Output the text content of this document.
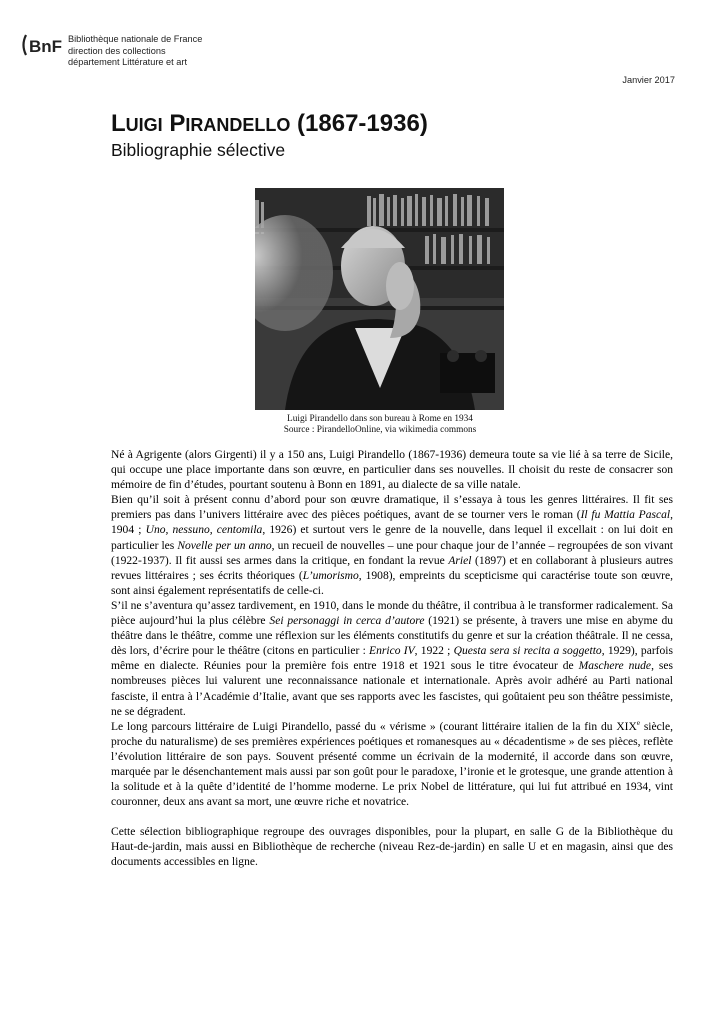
BnF Bibliothèque nationale de France
direction des collections
département Littérature et art
Janvier 2017
LUIGI PIRANDELLO (1867-1936)
Bibliographie sélective
Luigi Pirandello dans son bureau à Rome en 1934
Source : PirandelloOnline, via wikimedia commons

Né à Agrigente (alors Girgenti) il y a 150 ans, Luigi Pirandello (1867-1936) demeura toute sa vie lié à sa terre de Sicile, qui occupe une place importante dans son œuvre, en particulier dans ses nouvelles. Il choisit du reste de consacrer son mémoire de fin d’études, pourtant soutenu à Bonn en 1891, au dialecte de sa ville natale.

Bien qu’il soit à présent connu d’abord pour son œuvre dramatique, il s’essaya à tous les genres littéraires. Il fit ses premiers pas dans l’univers littéraire avec des pièces poétiques, avant de se tourner vers le roman (Il fu Mattia Pascal, 1904 ; Uno, nessuno, centomila, 1926) et surtout vers le genre de la nouvelle, dans lequel il excellait : on lui doit en particulier les Novelle per un anno, un recueil de nouvelles – une pour chaque jour de l’année – regroupées de son vivant (1922-1937). Il fit aussi ses armes dans la critique, en fondant la revue Ariel (1897) et en collaborant à plusieurs autres revues littéraires ; ses écrits théoriques (L’umorismo, 1908), empreints du scepticisme qui caractérise toute son œuvre, sont ainsi également représentatifs de celle-ci.

S’il ne s’aventura qu’assez tardivement, en 1910, dans le monde du théâtre, il contribua à le transformer radicalement. Sa pièce aujourd’hui la plus célèbre Sei personaggi in cerca d’autore (1921) se présente, à travers une mise en abyme du théâtre dans le théâtre, comme une réflexion sur les éléments constitutifs du genre et sur la création théâtrale. Il ne cessa, dès lors, d’écrire pour le théâtre (citons en particulier : Enrico IV, 1922 ; Questa sera si recita a soggetto, 1929), parfois même en dialecte. Réunies pour la première fois entre 1918 et 1921 sous le titre évocateur de Maschere nude, ses nombreuses pièces lui valurent une reconnaissance nationale et internationale. Après avoir adhéré au Parti national fasciste, il entra à l’Académie d’Italie, avant que ses rapports avec les fascistes, qui goûtaient peu son théâtre pessimiste, ne se dégradent.

Le long parcours littéraire de Luigi Pirandello, passé du « vérisme » (courant littéraire italien de la fin du XIXe siècle, proche du naturalisme) de ses premières expériences poétiques et romanesques au « décadentisme » de ses pièces, reflète l’évolution littéraire de son pays. Souvent présenté comme un écrivain de la modernité, il accorde dans son œuvre, marquée par le désenchantement mais aussi par son goût pour le paradoxe, l’ironie et le grotesque, une grande attention à la solitude et à la quête d’identité de l’homme moderne. Le prix Nobel de littérature, qui lui fut attribué en 1934, vint couronner, deux ans avant sa mort, une œuvre riche et novatrice.

Cette sélection bibliographique regroupe des ouvrages disponibles, pour la plupart, en salle G de la Bibliothèque du Haut-de-jardin, mais aussi en Bibliothèque de recherche (niveau Rez-de-jardin) en salle U et en magasin, ainsi que des documents accessibles en ligne.
